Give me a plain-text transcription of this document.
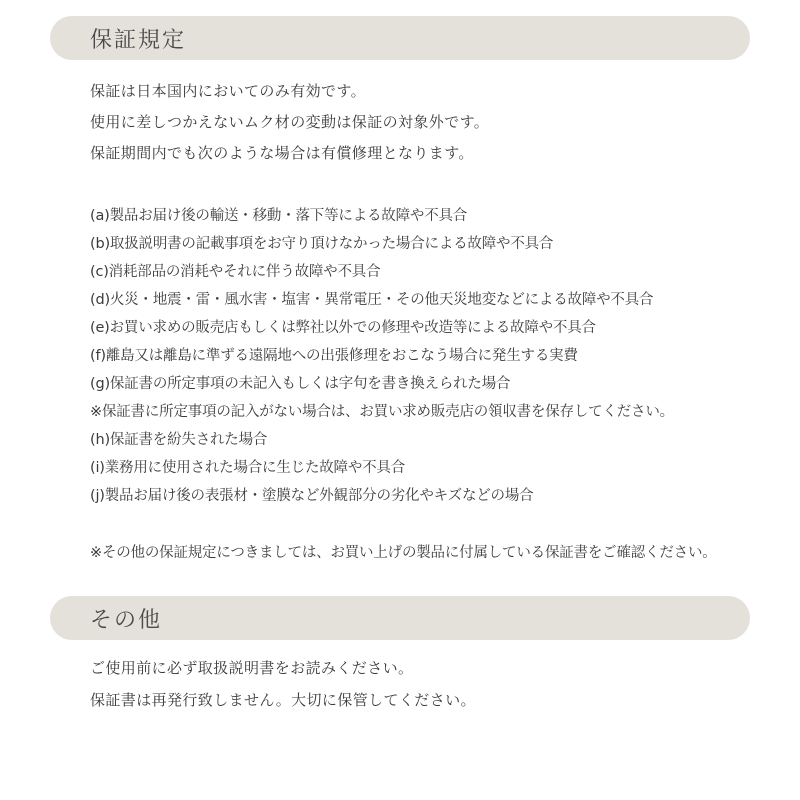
保証規定
保証は日本国内においてのみ有効です。
使用に差しつかえないムク材の変動は保証の対象外です。
保証期間内でも次のような場合は有償修理となります。
(a)製品お届け後の輸送・移動・落下等による故障や不具合
(b)取扱説明書の記載事項をお守り頂けなかった場合による故障や不具合
(c)消耗部品の消耗やそれに伴う故障や不具合
(d)火災・地震・雷・風水害・塩害・異常電圧・その他天災地変などによる故障や不具合
(e)お買い求めの販売店もしくは弊社以外での修理や改造等による故障や不具合
(f)離島又は離島に準ずる遠隔地への出張修理をおこなう場合に発生する実費
(g)保証書の所定事項の未記入もしくは字句を書き換えられた場合
※保証書に所定事項の記入がない場合は、お買い求め販売店の領収書を保存してください。
(h)保証書を紛失された場合
(i)業務用に使用された場合に生じた故障や不具合
(j)製品お届け後の表張材・塗膜など外観部分の劣化やキズなどの場合
※その他の保証規定につきましては、お買い上げの製品に付属している保証書をご確認ください。
その他
ご使用前に必ず取扱説明書をお読みください。
保証書は再発行致しません。大切に保管してください。
